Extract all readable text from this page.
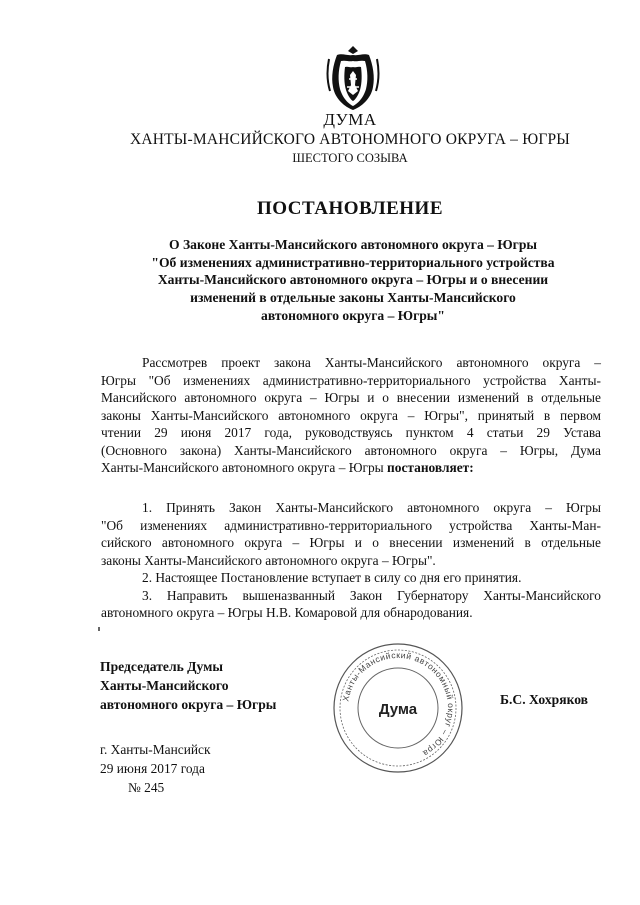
ДУМА
ХАНТЫ-МАНСИЙСКОГО АВТОНОМНОГО ОКРУГА – ЮГРЫ
ШЕСТОГО СОЗЫВА
ПОСТАНОВЛЕНИЕ
О Законе Ханты-Мансийского автономного округа – Югры
"Об изменениях административно-территориального устройства
Ханты-Мансийского автономного округа – Югры и о внесении
изменений в отдельные законы Ханты-Мансийского
автономного округа – Югры"
Рассмотрев проект закона Ханты-Мансийского автономного округа –
Югры "Об изменениях административно-территориального устройства Ханты-
Мансийского автономного округа – Югры и о внесении изменений в отдельные
законы Ханты-Мансийского автономного округа – Югры", принятый в первом
чтении 29 июня 2017 года, руководствуясь пунктом 4 статьи 29 Устава
(Основного закона) Ханты-Мансийского автономного округа – Югры, Дума
Ханты-Мансийского автономного округа – Югры постановляет:
1. Принять Закон Ханты-Мансийского автономного округа – Югры
"Об изменениях административно-территориального устройства Ханты-Ман-
сийского автономного округа – Югры и о внесении изменений в отдельные
законы Ханты-Мансийского автономного округа – Югры".
2. Настоящее Постановление вступает в силу со дня его принятия.
3. Направить вышеназванный Закон Губернатору Ханты-Мансийского
автономного округа – Югры Н.В. Комаровой для обнародования.
Председатель Думы
Ханты-Мансийского
автономного округа – Югры	Ханты-Мансийский автономный округ – Югра
Дума
Б.С. Хохряков
г. Ханты-Мансийск
29 июня 2017 года
№ 245
